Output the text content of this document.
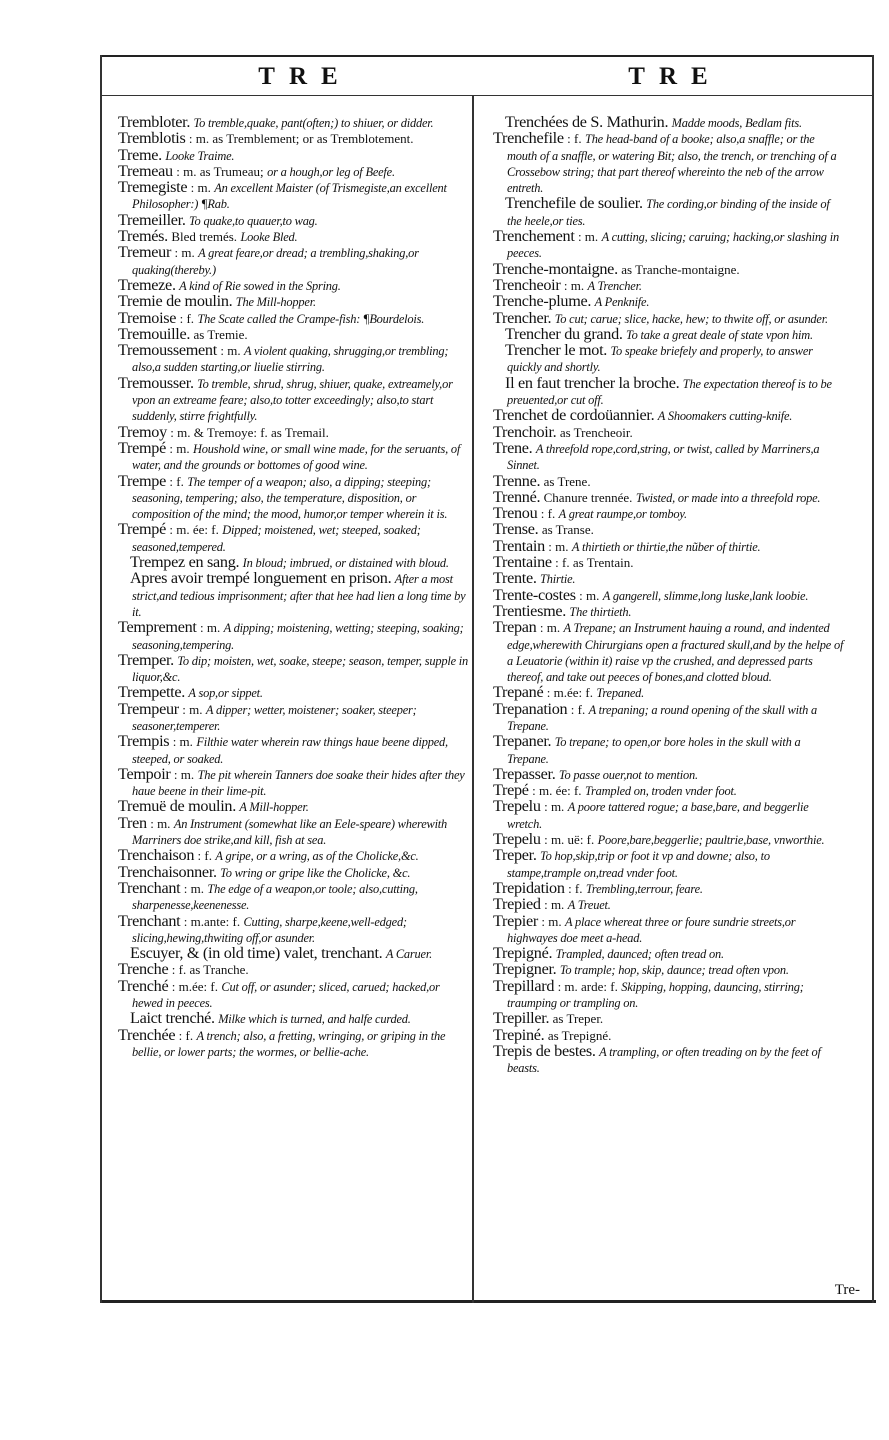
TRE	TRE

Tremblоter. To tremble,quake, pant(often;) to shiuer, or didder.

Tremblotis : m. as Tremblement; or as Tremblotement.

Treme. Looke Traime.

Tremeau : m. as Trumeau; or a hough,or leg of Beefe.

Tremegiste : m. An excellent Maister (of Trismegiste,an excellent Philosopher:) ¶Rab.

Tremeiller. To quake,to quauer,to wag.

Tremés. Bled tremés. Looke Bled.

Tremeur : m. A great feare,or dread; a trembling,shaking,or quaking(thereby.)

Tremeze. A kind of Rie sowed in the Spring.

Tremie de moulin. The Mill-hopper.

Tremoise : f. The Scate called the Crampe-fish: ¶Bourdelois.

Tremouille. as Tremie.

Tremoussement : m. A violent quaking, shrugging,or trembling; also,a sudden starting,or liuelie stirring.

Tremousser. To tremble, shrud, shrug, shiuer, quake, extreamely,or vpon an extreame feare; also,to totter exceedingly; also,to start suddenly, stirre frightfully.

Tremoy : m. & Tremoye: f. as Tremail.

Trempé : m. Houshold wine, or small wine made, for the seruants, of water, and the grounds or bottomes of good wine.

Trempe : f. The temper of a weapon; also, a dipping; steeping; seasoning, tempering; also, the temperature, disposition, or composition of the mind; the mood, humor,or temper wherein it is.

Trempé : m. ée: f. Dipped; moistened, wet; steeped, soaked; seasoned,tempered.

Trempez en sang. In bloud; imbrued, or distained with bloud.

Apres avoir trempé longuement en prison. After a most strict,and tedious imprisonment; after that hee had lien a long time by it.

Temprement : m. A dipping; moistening, wetting; steeping, soaking; seasoning,tempering.

Tremper. To dip; moisten, wet, soake, steepe; season, temper, supple in liquor,&c.

Trempette. A sop,or sippet.

Trempeur : m. A dipper; wetter, moistener; soaker, steeper; seasoner,temperer.

Trempis : m. Filthie water wherein raw things haue beene dipped, steeped, or soaked.

Tempoir : m. The pit wherein Tanners doe soake their hides after they haue beene in their lime-pit.

Tremuë de moulin. A Mill-hopper.

Tren : m. An Instrument (somewhat like an Eele-speare) wherewith Marriners doe strike,and kill, fish at sea.

Trenchaison : f. A gripe, or a wring, as of the Cholicke,&c.

Trenchaisonner. To wring or gripe like the Cholicke, &c.

Trenchant : m. The edge of a weapon,or toole; also,cutting, sharpenesse,keenenesse.

Trenchant : m.ante: f. Cutting, sharpe,keene,well-edged; slicing,hewing,thwiting off,or asunder.

Escuyer, & (in old time) valet, trenchant. A Caruer.

Trenche : f. as Tranche.

Trenché : m.ée: f. Cut off, or asunder; sliced, carued; hacked,or hewed in peeces.

Laict trenché. Milke which is turned, and halfe curded.

Trenchée : f. A trench; also, a fretting, wringing, or griping in the bellie, or lower parts; the wormes, or bellie-ache.

Trenchées de S. Mathurin. Madde moods, Bedlam fits.

Trenchefile : f. The head-band of a booke; also,a snaffle; or the mouth of a snaffle, or watering Bit; also, the trench, or trenching of a Crossebow string; that part thereof whereinto the neb of the arrow entreth.

Trenchefile de soulier. The cording,or binding of the inside of the heele,or ties.

Trenchement : m. A cutting, slicing; caruing; hacking,or slashing in peeces.

Trenche-montaigne. as Tranche-montaigne.

Trencheoir : m. A Trencher.

Trenche-plume. A Penknife.

Trencher. To cut; carue; slice, hacke, hew; to thwite off, or asunder.

Trencher du grand. To take a great deale of state vpon him.

Trencher le mot. To speake briefely and properly, to answer quickly and shortly.

Il en faut trencher la broche. The expectation thereof is to be preuented,or cut off.

Trenchet de cordoüannier. A Shoomakers cutting-knife.

Trenchoir. as Trencheoir.

Trene. A threefold rope,cord,string, or twist, called by Marriners,a Sinnet.

Trenne. as Trene.

Trenné. Chanure trennée. Twisted, or made into a threefold rope.

Trenou : f. A great raumpe,or tomboy.

Trense. as Transe.

Trentain : m. A thirtieth or thirtie,the nũber of thirtie.

Trentaine : f. as Trentain.

Trente. Thirtie.

Trente-costes : m. A gangerell, slimme,long luske,lank loobie.

Trentiesme. The thirtieth.

Trepan : m. A Trepane; an Instrument hauing a round, and indented edge,wherewith Chirurgians open a fractured skull,and by the helpe of a Leuatorie (within it) raise vp the crushed, and depressed parts thereof, and take out peeces of bones,and clotted bloud.

Trepané : m.ée: f. Trepaned.

Trepanation : f. A trepaning; a round opening of the skull with a Trepane.

Trepaner. To trepane; to open,or bore holes in the skull with a Trepane.

Trepasser. To passe ouer,not to mention.

Trepé : m. ée: f. Trampled on, troden vnder foot.

Trepelu : m. A poore tattered rogue; a base,bare, and beggerlie wretch.

Trepelu : m. uë: f. Poore,bare,beggerlie; paultrie,base, vnworthie.

Treper. To hop,skip,trip or foot it vp and downe; also, to stampe,trample on,tread vnder foot.

Trepidation : f. Trembling,terrour, feare.

Trepied : m. A Treuet.

Trepier : m. A place whereat three or foure sundrie streets,or highwayes doe meet a-head.

Trepigné. Trampled, daunced; often tread on.

Trepigner. To trample; hop, skip, daunce; tread often vpon.

Trepillard : m. arde: f. Skipping, hopping, dauncing, stirring; traumping or trampling on.

Trepiller. as Treper.

Trepiné. as Trepigné.

Trepis de bestes. A trampling, or often treading on by the feet of beasts.

Tre-
